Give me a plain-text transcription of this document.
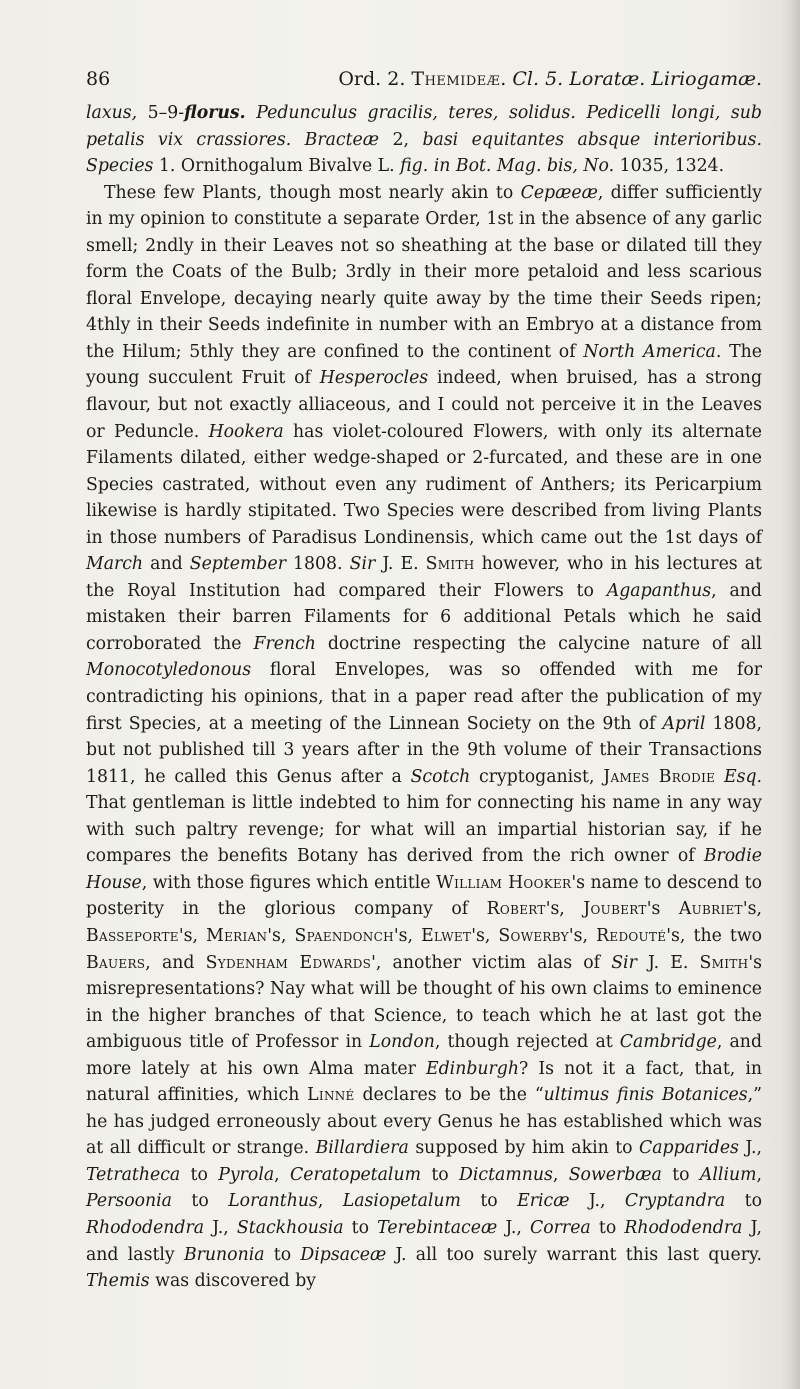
86	Ord. 2. Themideæ. Cl. 5. Loratæ. Liriogamæ.

laxus, 5–9-florus. Pedunculus gracilis, teres, solidus. Pedicelli longi, sub petalis vix crassiores. Bracteæ 2, basi equitantes absque interioribus. Species 1. Ornithogalum Bivalve L. fig. in Bot. Mag. bis, No. 1035, 1324.

These few Plants, though most nearly akin to Cepæeæ, differ sufficiently in my opinion to constitute a separate Order, 1st in the absence of any garlic smell; 2ndly in their Leaves not so sheathing at the base or dilated till they form the Coats of the Bulb; 3rdly in their more petaloid and less scarious floral Envelope, decaying nearly quite away by the time their Seeds ripen; 4thly in their Seeds indefinite in number with an Embryo at a distance from the Hilum; 5thly they are confined to the continent of North America. The young succulent Fruit of Hesperocles indeed, when bruised, has a strong flavour, but not exactly alliaceous, and I could not perceive it in the Leaves or Peduncle. Hookera has violet-coloured Flowers, with only its alternate Filaments dilated, either wedge-shaped or 2-furcated, and these are in one Species castrated, without even any rudiment of Anthers; its Pericarpium likewise is hardly stipitated. Two Species were described from living Plants in those numbers of Paradisus Londinensis, which came out the 1st days of March and September 1808. Sir J. E. Smith however, who in his lectures at the Royal Institution had compared their Flowers to Agapanthus, and mistaken their barren Filaments for 6 additional Petals which he said corroborated the French doctrine respecting the calycine nature of all Monocotyledonous floral Envelopes, was so offended with me for contradicting his opinions, that in a paper read after the publication of my first Species, at a meeting of the Linnean Society on the 9th of April 1808, but not published till 3 years after in the 9th volume of their Transactions 1811, he called this Genus after a Scotch cryptoganist, James Brodie Esq. That gentleman is little indebted to him for connecting his name in any way with such paltry revenge; for what will an impartial historian say, if he compares the benefits Botany has derived from the rich owner of Brodie House, with those figures which entitle William Hooker's name to descend to posterity in the glorious company of Robert's, Joubert's Aubriet's, Basseporte's, Merian's, Spaendonch's, Elwet's, Sowerby's, Redouté's, the two Bauers, and Sydenham Edwards', another victim alas of Sir J. E. Smith's misrepresentations? Nay what will be thought of his own claims to eminence in the higher branches of that Science, to teach which he at last got the ambiguous title of Professor in London, though rejected at Cambridge, and more lately at his own Alma mater Edinburgh? Is not it a fact, that, in natural affinities, which Linné declares to be the “ultimus finis Botanices,” he has judged erroneously about every Genus he has established which was at all difficult or strange. Billardiera supposed by him akin to Capparides J., Tetratheca to Pyrola, Ceratopetalum to Dictamnus, Sowerbæa to Allium, Persoonia to Loranthus, Lasiopetalum to Ericæ J., Cryptandra to Rhododendra J., Stackhousia to Terebintaceæ J., Correa to Rhododendra J, and lastly Brunonia to Dipsaceæ J. all too surely warrant this last query. Themis was discovered by
